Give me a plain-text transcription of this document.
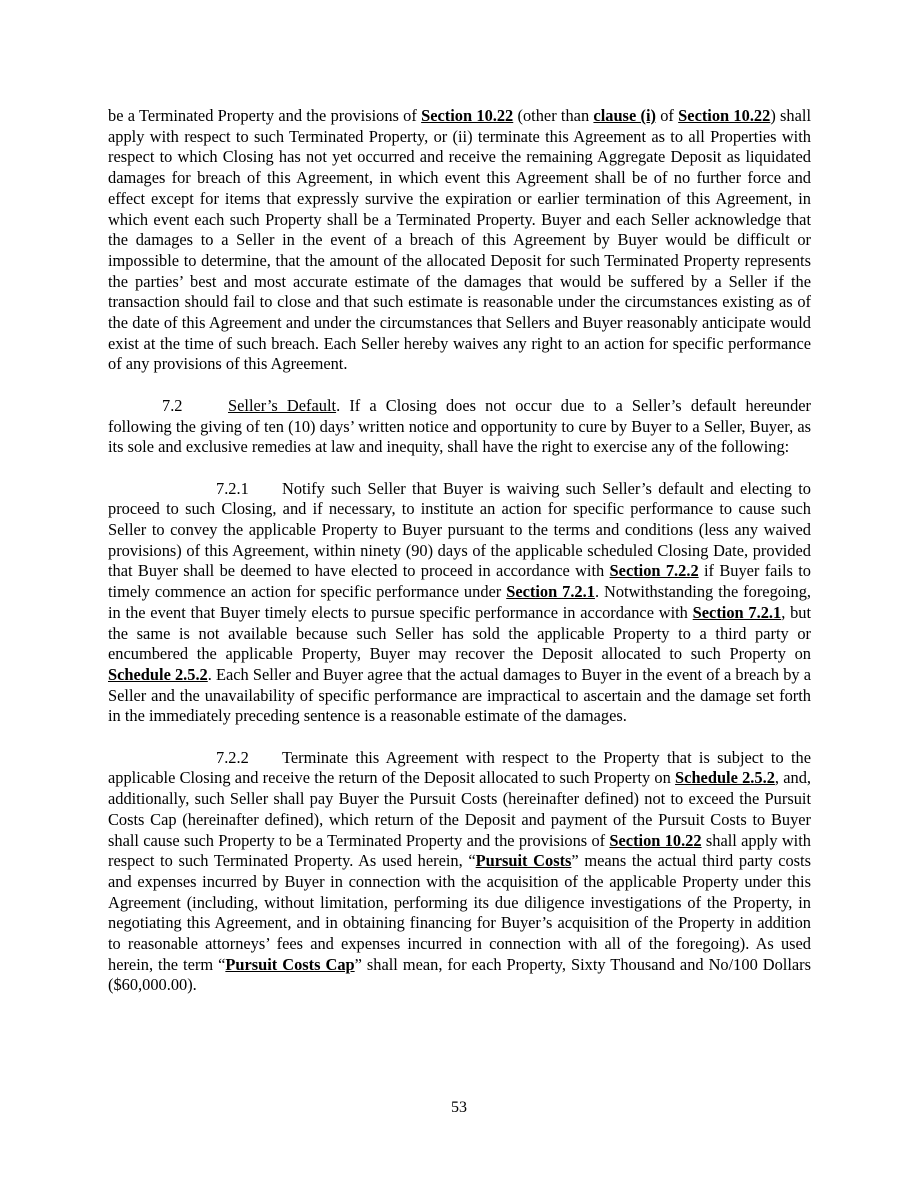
be a Terminated Property and the provisions of Section 10.22 (other than clause (i) of Section 10.22) shall apply with respect to such Terminated Property, or (ii) terminate this Agreement as to all Properties with respect to which Closing has not yet occurred and receive the remaining Aggregate Deposit as liquidated damages for breach of this Agreement, in which event this Agreement shall be of no further force and effect except for items that expressly survive the expiration or earlier termination of this Agreement, in which event each such Property shall be a Terminated Property. Buyer and each Seller acknowledge that the damages to a Seller in the event of a breach of this Agreement by Buyer would be difficult or impossible to determine, that the amount of the allocated Deposit for such Terminated Property represents the parties’ best and most accurate estimate of the damages that would be suffered by a Seller if the transaction should fail to close and that such estimate is reasonable under the circumstances existing as of the date of this Agreement and under the circumstances that Sellers and Buyer reasonably anticipate would exist at the time of such breach. Each Seller hereby waives any right to an action for specific performance of any provisions of this Agreement.

7.2	Seller’s Default. If a Closing does not occur due to a Seller’s default hereunder following the giving of ten (10) days’ written notice and opportunity to cure by Buyer to a Seller, Buyer, as its sole and exclusive remedies at law and inequity, shall have the right to exercise any of the following:

7.2.1 Notify such Seller that Buyer is waiving such Seller’s default and electing to proceed to such Closing, and if necessary, to institute an action for specific performance to cause such Seller to convey the applicable Property to Buyer pursuant to the terms and conditions (less any waived provisions) of this Agreement, within ninety (90) days of the applicable scheduled Closing Date, provided that Buyer shall be deemed to have elected to proceed in accordance with Section 7.2.2 if Buyer fails to timely commence an action for specific performance under Section 7.2.1. Notwithstanding the foregoing, in the event that Buyer timely elects to pursue specific performance in accordance with Section 7.2.1, but the same is not available because such Seller has sold the applicable Property to a third party or encumbered the applicable Property, Buyer may recover the Deposit allocated to such Property on Schedule 2.5.2. Each Seller and Buyer agree that the actual damages to Buyer in the event of a breach by a Seller and the unavailability of specific performance are impractical to ascertain and the damage set forth in the immediately preceding sentence is a reasonable estimate of the damages.

7.2.2 Terminate this Agreement with respect to the Property that is subject to the applicable Closing and receive the return of the Deposit allocated to such Property on Schedule 2.5.2, and, additionally, such Seller shall pay Buyer the Pursuit Costs (hereinafter defined) not to exceed the Pursuit Costs Cap (hereinafter defined), which return of the Deposit and payment of the Pursuit Costs to Buyer shall cause such Property to be a Terminated Property and the provisions of Section 10.22 shall apply with respect to such Terminated Property. As used herein, “Pursuit Costs” means the actual third party costs and expenses incurred by Buyer in connection with the acquisition of the applicable Property under this Agreement (including, without limitation, performing its due diligence investigations of the Property, in negotiating this Agreement, and in obtaining financing for Buyer’s acquisition of the Property in addition to reasonable attorneys’ fees and expenses incurred in connection with all of the foregoing). As used herein, the term “Pursuit Costs Cap” shall mean, for each Property, Sixty Thousand and No/100 Dollars ($60,000.00).

53
